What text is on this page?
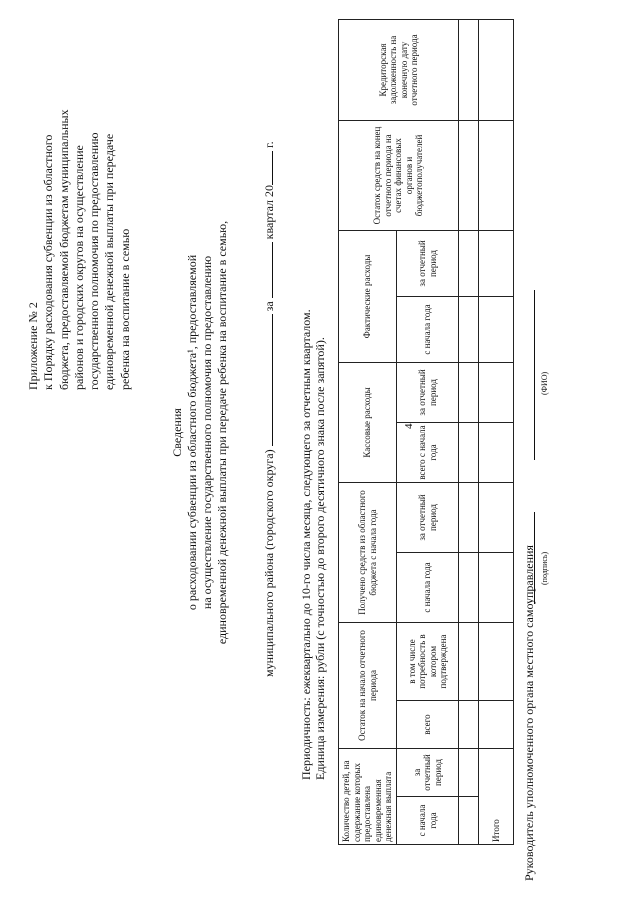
4
Приложение № 2 к Порядку расходования субвенции из областного бюджета, предоставляемой бюджетам муниципальных районов и городских округов на осуществление государственного полномочия по предоставлению единовременной денежной выплаты при передаче ребенка на воспитание в семью
Сведения о расходовании субвенции из областного бюджета¹, предоставляемой на осуществление государственного полномочия по предоставлению единовременной денежной выплаты при передаче ребенка на воспитание в семью,	муниципального района (городского округа)  за  квартал 20 г.
Периодичность: ежеквартально до 10-го числа месяца, следующего за отчетным кварталом. Единица измерения: рубли (с точностью до второго десятичного знака после запятой).
Количество детей, на содержание которых предоставлена единовременная денежная выплата		Остаток на начало отчетного периода		Получено средств из областного бюджета с начала года		Кассовые расходы		Фактические расходы		Остаток средств на конец отчетного периода на счетах финансовых органов и бюджетополучателей	Кредиторская задолженность на конечную дату отчетного периода
с начала года	за отчетный период	всего	в том числе потребность в котором подтверждена	с начала года	за отчетный период	всего с начала года	за отчетный период	с начала года	за отчетный период		

Итого											Руководитель уполномоченного органа местного самоуправления (подпись)
(ФИО)
